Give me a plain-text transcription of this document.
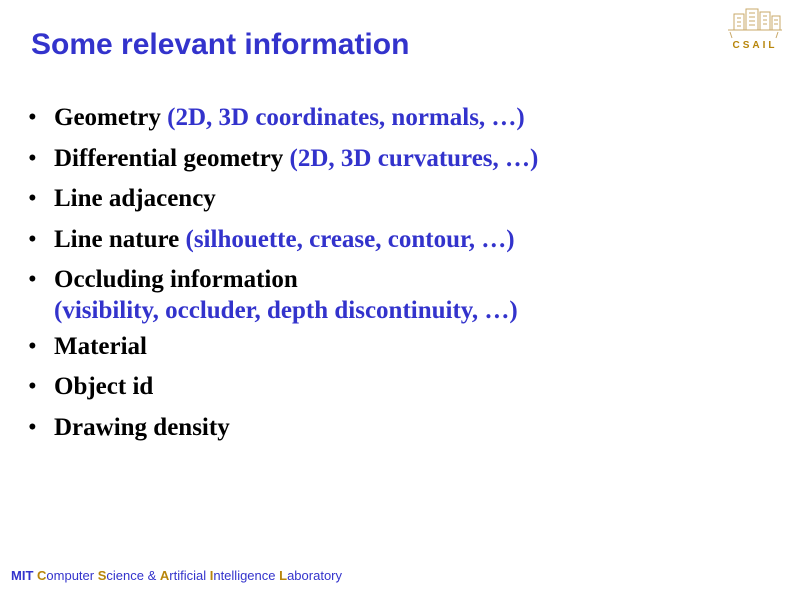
Some relevant information	CSAIL
• Geometry (2D, 3D coordinates, normals, …)
• Differential geometry (2D, 3D curvatures, …)
• Line adjacency
• Line nature (silhouette, crease, contour, …)
• Occluding information
(visibility, occluder, depth discontinuity, …)
• Material
• Object id
• Drawing density
MIT Computer Science & Artificial Intelligence Laboratory
